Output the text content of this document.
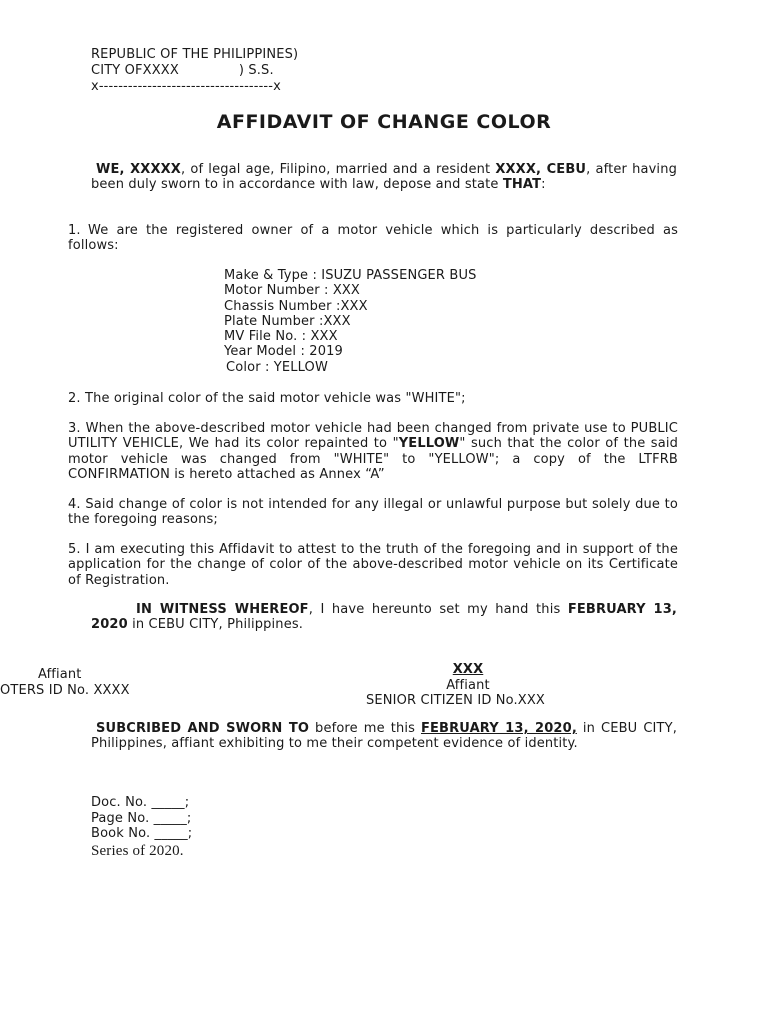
REPUBLIC OF THE PHILIPPINES)
CITY OFXXXX              ) S.S.
x------------------------------------x
AFFIDAVIT OF CHANGE COLOR
WE, XXXXX, of legal age, Filipino, married and a resident XXXX, CEBU, after having been duly sworn to in accordance with law, depose and state THAT:
1. We are the registered owner of a motor vehicle which is particularly described as follows:
Make & Type : ISUZU PASSENGER BUS
Motor Number : XXX
Chassis Number :XXX
Plate Number :XXX
MV File No. : XXX
Year Model : 2019
Color : YELLOW
2. The original color of the said motor vehicle was "WHITE";
3. When the above-described motor vehicle had been changed from private use to PUBLIC UTILITY VEHICLE, We had its color repainted to "YELLOW" such that the color of the said motor vehicle was changed from "WHITE" to "YELLOW"; a copy of the LTFRB CONFIRMATION is hereto attached as Annex “A”
4. Said change of color is not intended for any illegal or unlawful purpose but solely due to the foregoing reasons;
5. I am executing this Affidavit to attest to the truth of the foregoing and in support of the application for the change of color of the above-described motor vehicle on its Certificate of Registration.
IN WITNESS WHEREOF, I have hereunto set my hand this FEBRUARY 13, 2020 in CEBU CITY, Philippines.
Affiant
OTERS ID No. XXXX
XXX
Affiant
SENIOR CITIZEN ID No.XXX
SUBCRIBED AND SWORN TO before me this FEBRUARY 13, 2020, in CEBU CITY, Philippines, affiant exhibiting to me their competent evidence of identity.
Doc. No. _____;
Page No. _____;
Book No. _____;
Series of 2020.
